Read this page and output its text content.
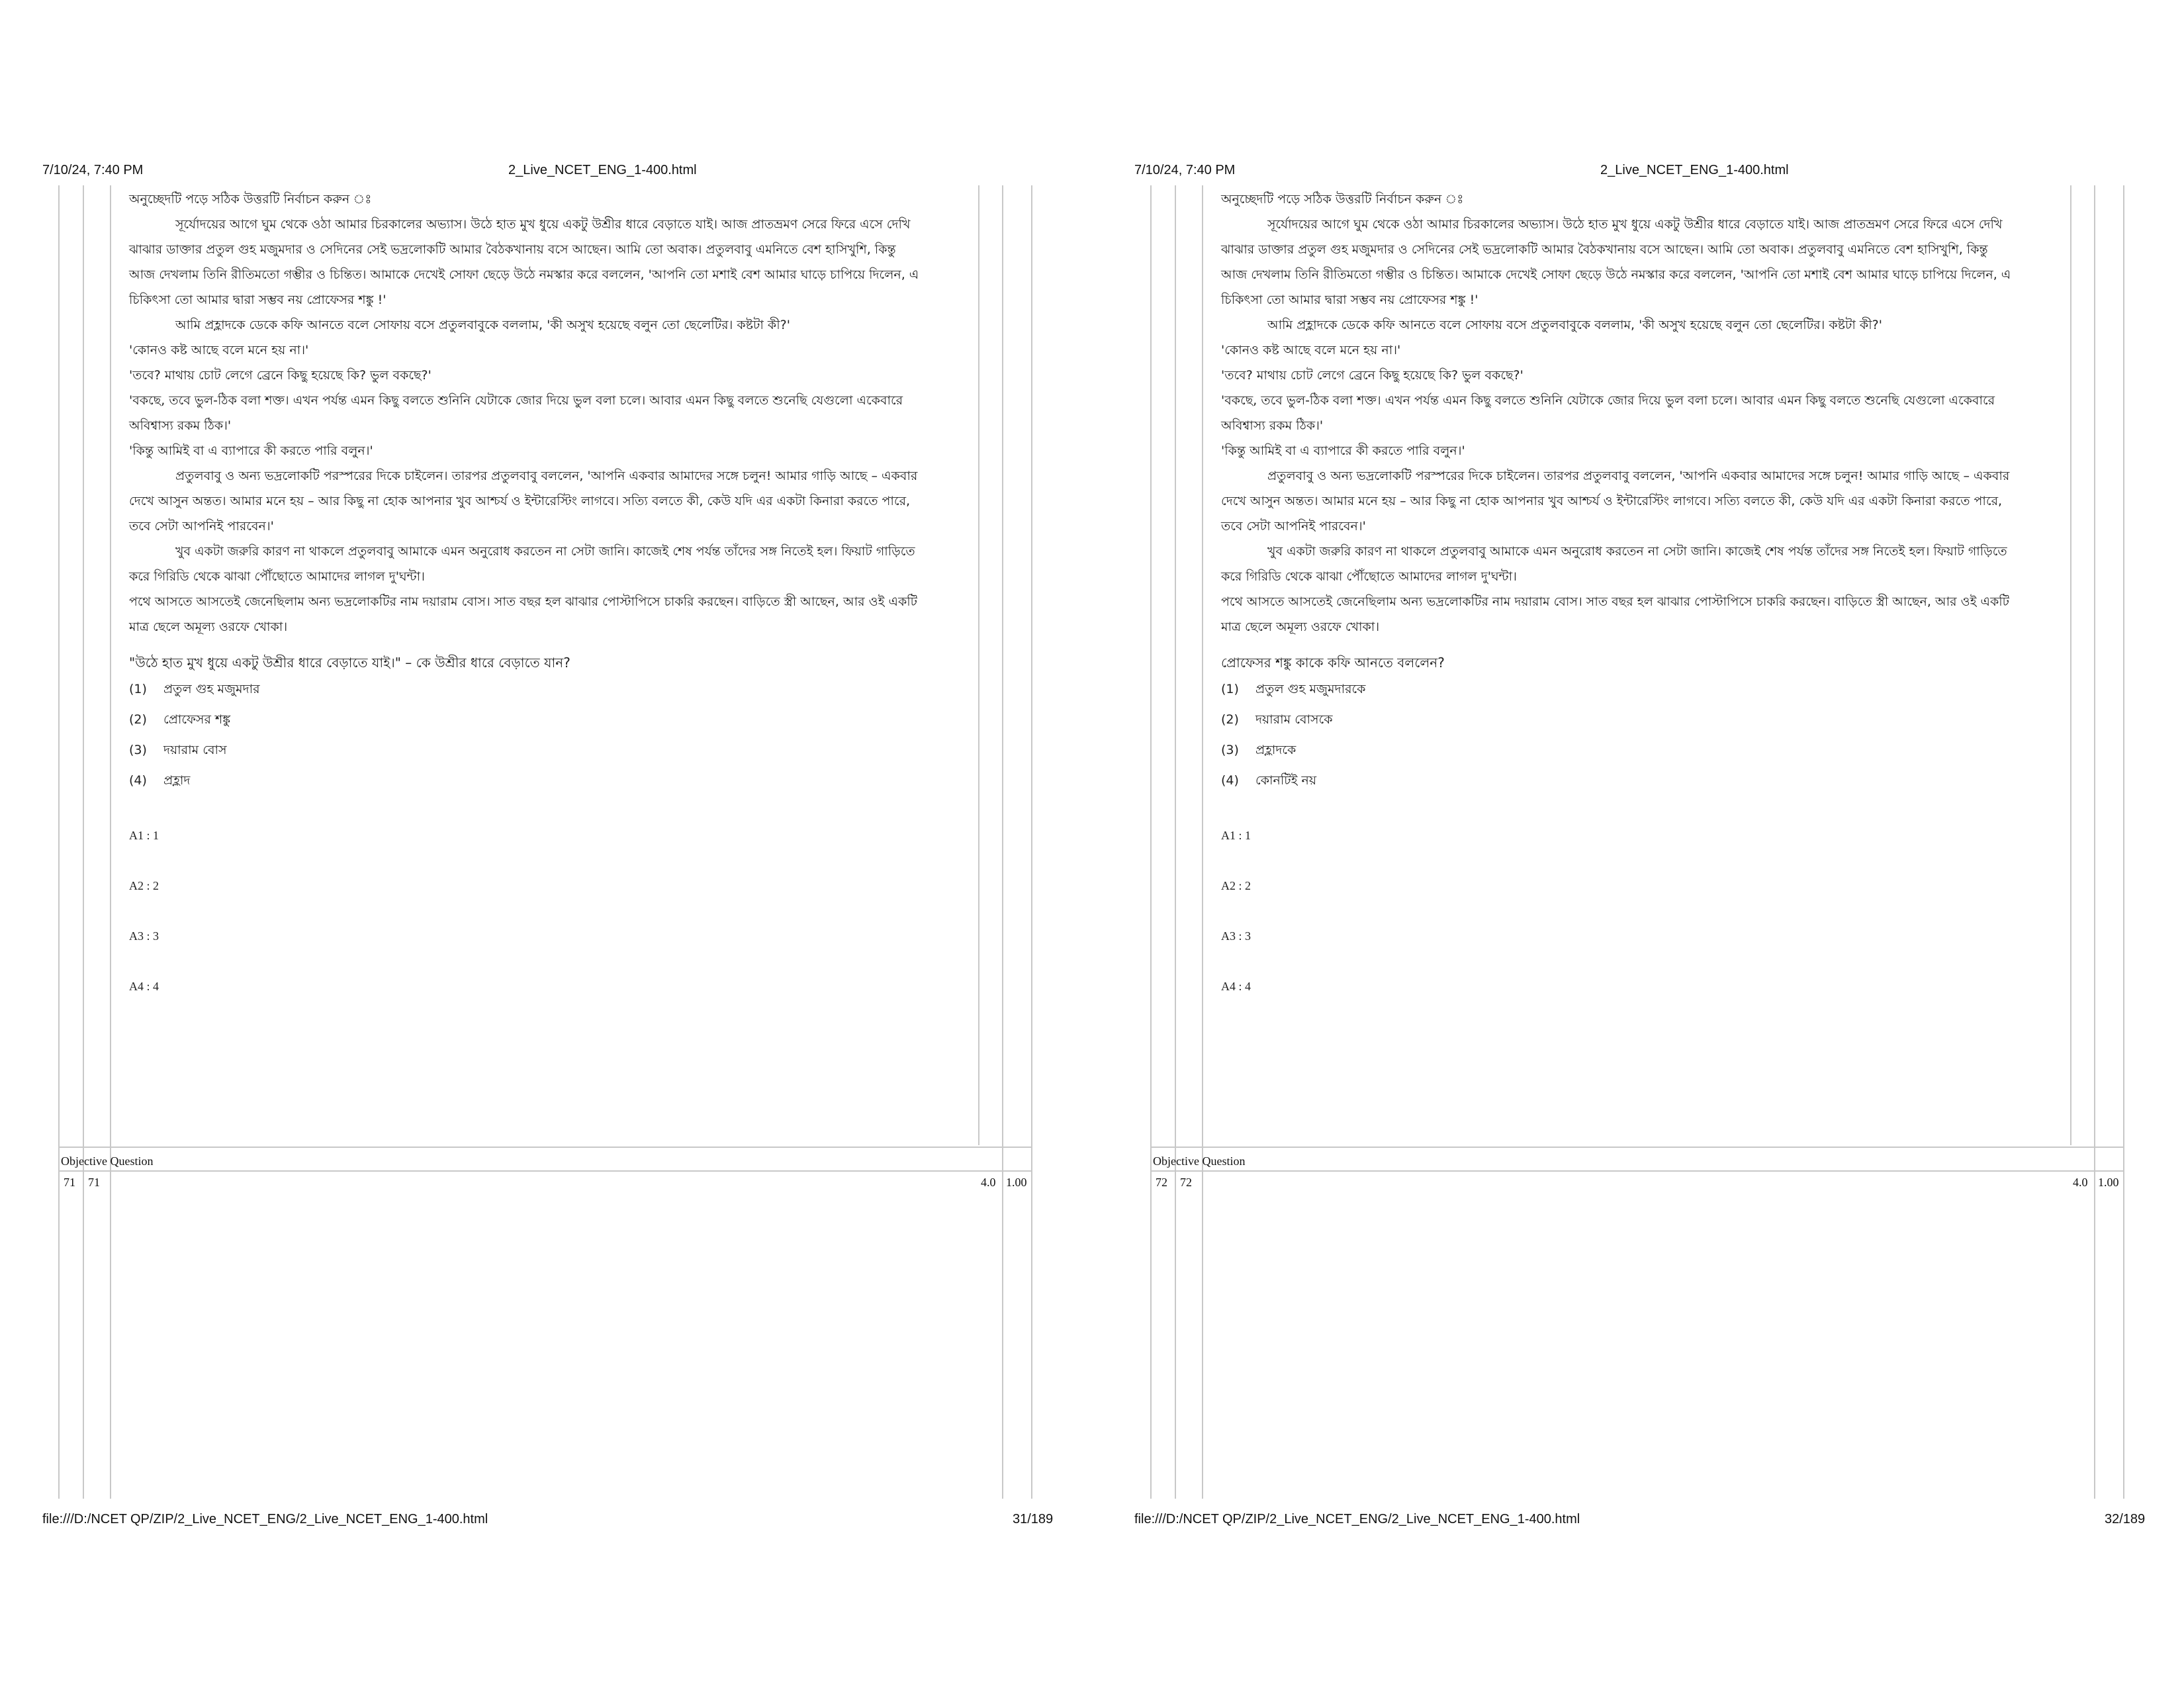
7/10/24, 7:40 PM	2_Live_NCET_ENG_1-400.html
অনুচ্ছেদটি পড়ে সঠিক উত্তরটি নির্বাচন করুন ঃ

সূর্যোদয়ের আগে ঘুম থেকে ওঠা আমার চিরকালের অভ্যাস। উঠে হাত মুখ ধুয়ে একটু উশ্রীর ধারে বেড়াতে যাই। আজ প্রাতভ্রমণ সেরে ফিরে এসে দেখি ঝাঝার ডাক্তার প্রতুল গুহ মজুমদার ও সেদিনের সেই ভদ্রলোকটি আমার বৈঠকখানায় বসে আছেন। আমি তো অবাক। প্রতুলবাবু এমনিতে বেশ হাসিখুশি, কিন্তু আজ দেখলাম তিনি রীতিমতো গম্ভীর ও চিন্তিত। আমাকে দেখেই সোফা ছেড়ে উঠে নমস্কার করে বললেন, 'আপনি তো মশাই বেশ আমার ঘাড়ে চাপিয়ে দিলেন, এ চিকিৎসা তো আমার দ্বারা সম্ভব নয় প্রোফেসর শঙ্কু !'

আমি প্রহ্লাদকে ডেকে কফি আনতে বলে সোফায় বসে প্রতুলবাবুকে বললাম, 'কী অসুখ হয়েছে বলুন তো ছেলেটির। কষ্টটা কী?'

'কোনও কষ্ট আছে বলে মনে হয় না।'

'তবে? মাথায় চোট লেগে ব্রেনে কিছু হয়েছে কি? ভুল বকছে?'

'বকছে, তবে ভুল-ঠিক বলা শক্ত। এখন পর্যন্ত এমন কিছু বলতে শুনিনি যেটাকে জোর দিয়ে ভুল বলা চলে। আবার এমন কিছু বলতে শুনেছি যেগুলো একেবারে অবিশ্বাস্য রকম ঠিক।'

'কিন্তু আমিই বা এ ব্যাপারে কী করতে পারি বলুন।'

প্রতুলবাবু ও অন্য ভদ্রলোকটি পরস্পরের দিকে চাইলেন। তারপর প্রতুলবাবু বললেন, 'আপনি একবার আমাদের সঙ্গে চলুন! আমার গাড়ি আছে – একবার দেখে আসুন অন্তত। আমার মনে হয় – আর কিছু না হোক আপনার খুব আশ্চর্য ও ইন্টারেস্টিং লাগবে। সত্যি বলতে কী, কেউ যদি এর একটা কিনারা করতে পারে, তবে সেটা আপনিই পারবেন।'

খুব একটা জরুরি কারণ না থাকলে প্রতুলবাবু আমাকে এমন অনুরোধ করতেন না সেটা জানি। কাজেই শেষ পর্যন্ত তাঁদের সঙ্গ নিতেই হল। ফিয়াট গাড়িতে করে গিরিডি থেকে ঝাঝা পৌঁছোতে আমাদের লাগল দু'ঘন্টা।

পথে আসতে আসতেই জেনেছিলাম অন্য ভদ্রলোকটির নাম দয়ারাম বোস। সাত বছর হল ঝাঝার পোস্টাপিসে চাকরি করছেন। বাড়িতে স্ত্রী আছেন, আর ওই একটি মাত্র ছেলে অমূল্য ওরফে খোকা।

"উঠে হাত মুখ ধুয়ে একটু উশ্রীর ধারে বেড়াতে যাই।" – কে উশ্রীর ধারে বেড়াতে যান?
(1) প্রতুল গুহ মজুমদার
(2) প্রোফেসর শঙ্কু
(3) দয়ারাম বোস
(4) প্রহ্লাদ
A1 : 1
A2 : 2
A3 : 3
A4 : 4
Objective Question
71 71	4.0 1.00
file:///D:/NCET QP/ZIP/2_Live_NCET_ENG/2_Live_NCET_ENG_1-400.html	31/189
7/10/24, 7:40 PM	2_Live_NCET_ENG_1-400.html
অনুচ্ছেদটি পড়ে সঠিক উত্তরটি নির্বাচন করুন ঃ

সূর্যোদয়ের আগে ঘুম থেকে ওঠা আমার চিরকালের অভ্যাস। উঠে হাত মুখ ধুয়ে একটু উশ্রীর ধারে বেড়াতে যাই। আজ প্রাতভ্রমণ সেরে ফিরে এসে দেখি ঝাঝার ডাক্তার প্রতুল গুহ মজুমদার ও সেদিনের সেই ভদ্রলোকটি আমার বৈঠকখানায় বসে আছেন। আমি তো অবাক। প্রতুলবাবু এমনিতে বেশ হাসিখুশি, কিন্তু আজ দেখলাম তিনি রীতিমতো গম্ভীর ও চিন্তিত। আমাকে দেখেই সোফা ছেড়ে উঠে নমস্কার করে বললেন, 'আপনি তো মশাই বেশ আমার ঘাড়ে চাপিয়ে দিলেন, এ চিকিৎসা তো আমার দ্বারা সম্ভব নয় প্রোফেসর শঙ্কু !'

আমি প্রহ্লাদকে ডেকে কফি আনতে বলে সোফায় বসে প্রতুলবাবুকে বললাম, 'কী অসুখ হয়েছে বলুন তো ছেলেটির। কষ্টটা কী?'

'কোনও কষ্ট আছে বলে মনে হয় না।'

'তবে? মাথায় চোট লেগে ব্রেনে কিছু হয়েছে কি? ভুল বকছে?'

'বকছে, তবে ভুল-ঠিক বলা শক্ত। এখন পর্যন্ত এমন কিছু বলতে শুনিনি যেটাকে জোর দিয়ে ভুল বলা চলে। আবার এমন কিছু বলতে শুনেছি যেগুলো একেবারে অবিশ্বাস্য রকম ঠিক।'

'কিন্তু আমিই বা এ ব্যাপারে কী করতে পারি বলুন।'

প্রতুলবাবু ও অন্য ভদ্রলোকটি পরস্পরের দিকে চাইলেন। তারপর প্রতুলবাবু বললেন, 'আপনি একবার আমাদের সঙ্গে চলুন! আমার গাড়ি আছে – একবার দেখে আসুন অন্তত। আমার মনে হয় – আর কিছু না হোক আপনার খুব আশ্চর্য ও ইন্টারেস্টিং লাগবে। সত্যি বলতে কী, কেউ যদি এর একটা কিনারা করতে পারে, তবে সেটা আপনিই পারবেন।'

খুব একটা জরুরি কারণ না থাকলে প্রতুলবাবু আমাকে এমন অনুরোধ করতেন না সেটা জানি। কাজেই শেষ পর্যন্ত তাঁদের সঙ্গ নিতেই হল। ফিয়াট গাড়িতে করে গিরিডি থেকে ঝাঝা পৌঁছোতে আমাদের লাগল দু'ঘন্টা।

পথে আসতে আসতেই জেনেছিলাম অন্য ভদ্রলোকটির নাম দয়ারাম বোস। সাত বছর হল ঝাঝার পোস্টাপিসে চাকরি করছেন। বাড়িতে স্ত্রী আছেন, আর ওই একটি মাত্র ছেলে অমূল্য ওরফে খোকা।

প্রোফেসর শঙ্কু কাকে কফি আনতে বললেন?
(1) প্রতুল গুহ মজুমদারকে
(2) দয়ারাম বোসকে
(3) প্রহ্লাদকে
(4) কোনটিই নয়
A1 : 1
A2 : 2
A3 : 3
A4 : 4
Objective Question
72 72	4.0 1.00
file:///D:/NCET QP/ZIP/2_Live_NCET_ENG/2_Live_NCET_ENG_1-400.html	32/189
